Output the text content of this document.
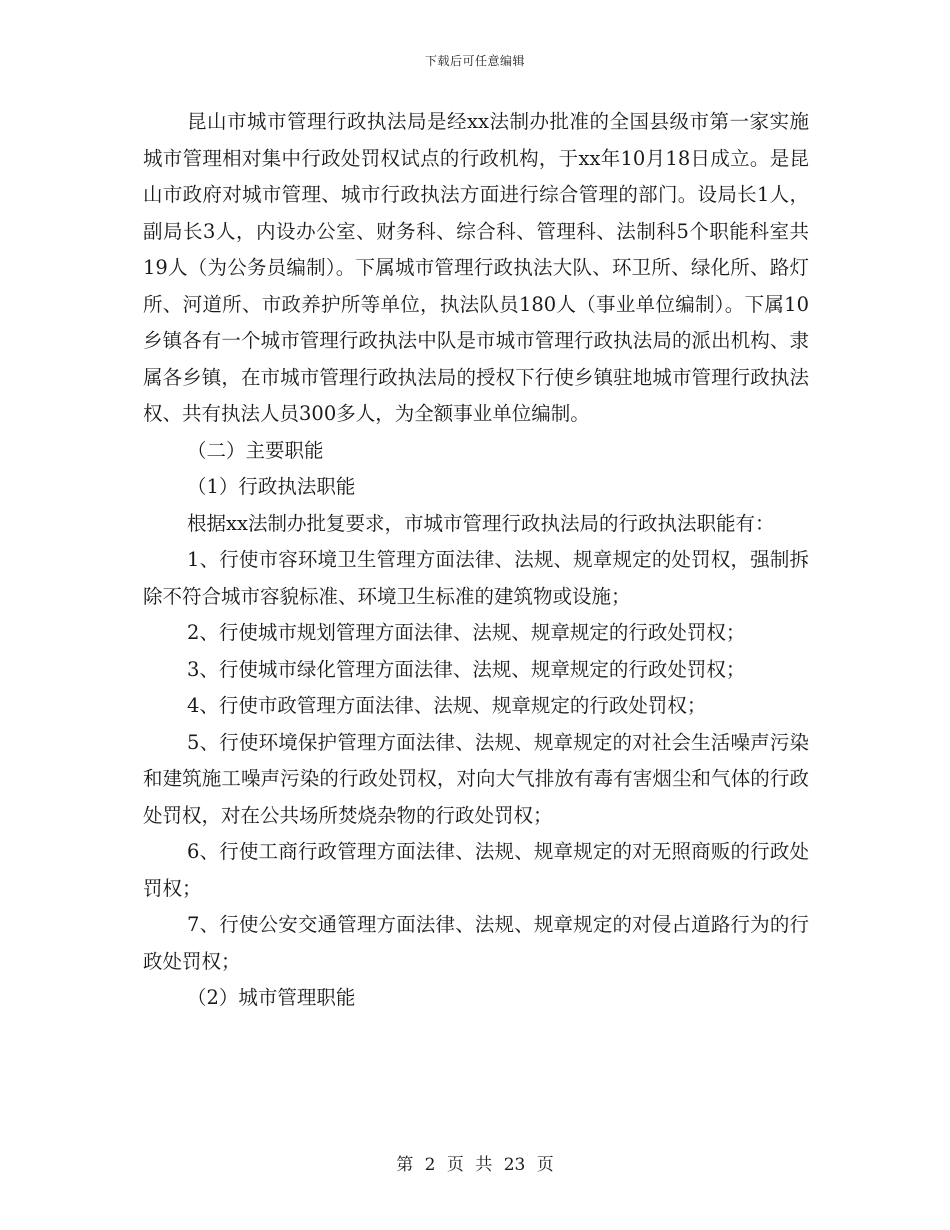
下载后可任意编辑

昆山市城市管理行政执法局是经xx法制办批准的全国县级市第一家实施城市管理相对集中行政处罚权试点的行政机构，于xx年10月18日成立。是昆山市政府对城市管理、城市行政执法方面进行综合管理的部门。设局长1人，副局长3人，内设办公室、财务科、综合科、管理科、法制科5个职能科室共19人（为公务员编制）。下属城市管理行政执法大队、环卫所、绿化所、路灯所、河道所、市政养护所等单位，执法队员180人（事业单位编制）。下属10乡镇各有一个城市管理行政执法中队是市城市管理行政执法局的派出机构、隶属各乡镇，在市城市管理行政执法局的授权下行使乡镇驻地城市管理行政执法权、共有执法人员300多人，为全额事业单位编制。

（二）主要职能

（1）行政执法职能

根据xx法制办批复要求，市城市管理行政执法局的行政执法职能有：

1、行使市容环境卫生管理方面法律、法规、规章规定的处罚权，强制拆除不符合城市容貌标准、环境卫生标准的建筑物或设施；

2、行使城市规划管理方面法律、法规、规章规定的行政处罚权；

3、行使城市绿化管理方面法律、法规、规章规定的行政处罚权；

4、行使市政管理方面法律、法规、规章规定的行政处罚权；

5、行使环境保护管理方面法律、法规、规章规定的对社会生活噪声污染和建筑施工噪声污染的行政处罚权，对向大气排放有毒有害烟尘和气体的行政处罚权，对在公共场所焚烧杂物的行政处罚权；

6、行使工商行政管理方面法律、法规、规章规定的对无照商贩的行政处罚权；

7、行使公安交通管理方面法律、法规、规章规定的对侵占道路行为的行政处罚权；

（2）城市管理职能

第 2 页 共 23 页
